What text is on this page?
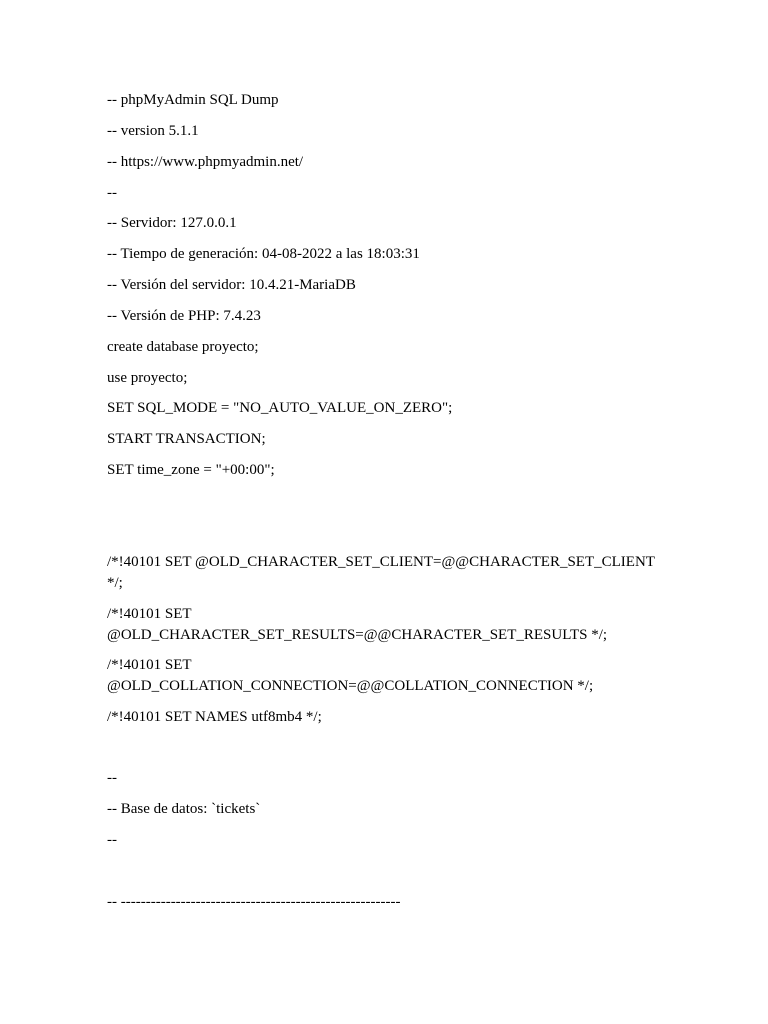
-- phpMyAdmin SQL Dump
-- version 5.1.1
-- https://www.phpmyadmin.net/
--
-- Servidor: 127.0.0.1
-- Tiempo de generación: 04-08-2022 a las 18:03:31
-- Versión del servidor: 10.4.21-MariaDB
-- Versión de PHP: 7.4.23
create database proyecto;
use proyecto;
SET SQL_MODE = "NO_AUTO_VALUE_ON_ZERO";
START TRANSACTION;
SET time_zone = "+00:00";
/*!40101 SET @OLD_CHARACTER_SET_CLIENT=@@CHARACTER_SET_CLIENT */;
/*!40101 SET @OLD_CHARACTER_SET_RESULTS=@@CHARACTER_SET_RESULTS */;
/*!40101 SET @OLD_COLLATION_CONNECTION=@@COLLATION_CONNECTION */;
/*!40101 SET NAMES utf8mb4 */;
--
-- Base de datos: `tickets`
--
-- --------------------------------------------------------
